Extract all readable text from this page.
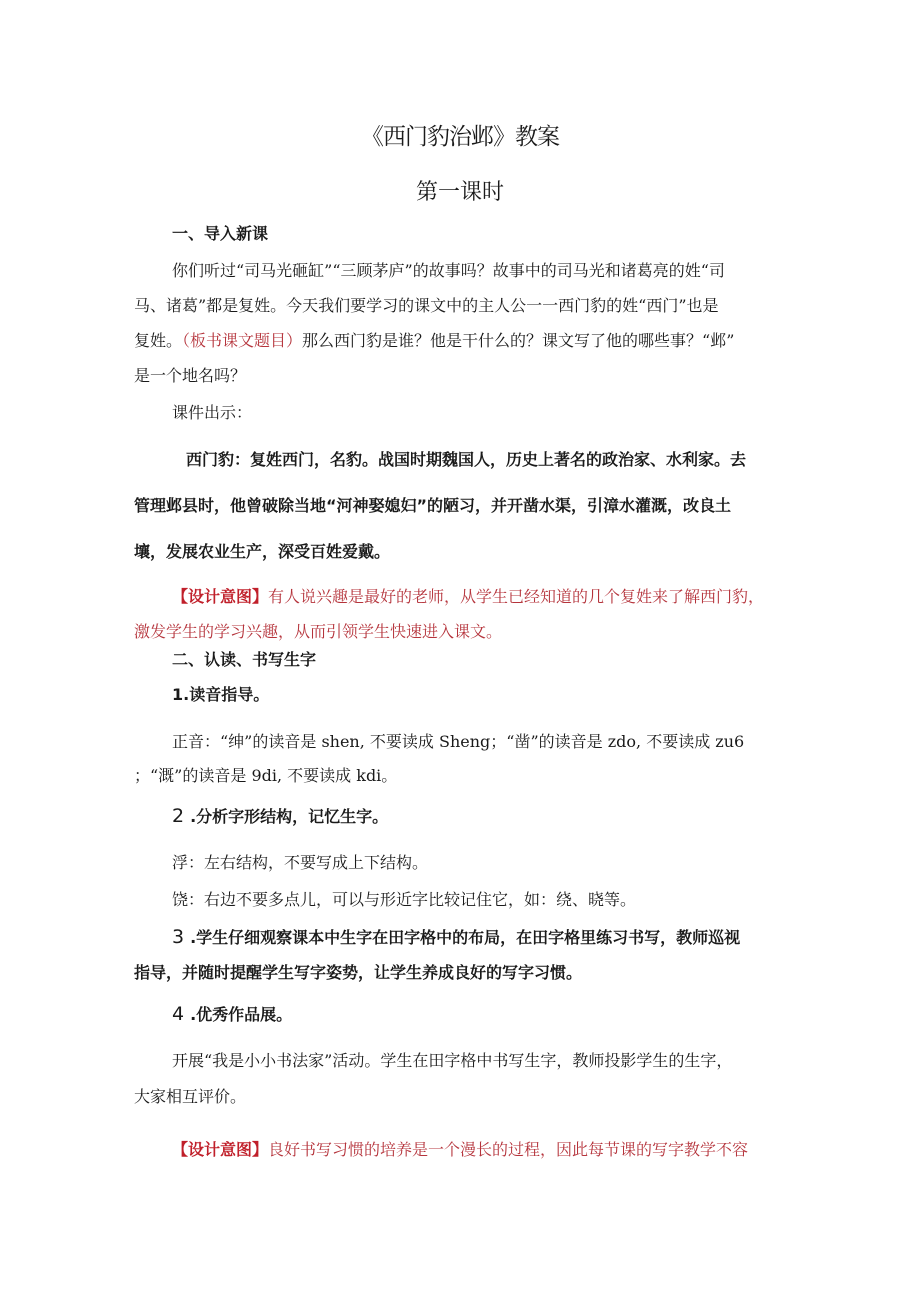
《西门豹治邺》教案
第一课时
一、导入新课
你们听过“司马光砸缸”“三顾茅庐”的故事吗？故事中的司马光和诸葛亮的姓“司
马、诸葛”都是复姓。今天我们要学习的课文中的主人公一一西门豹的姓“西门”也是
复姓。（板书课文题目）那么西门豹是谁？他是干什么的？课文写了他的哪些事？“邺”
是一个地名吗？
课件出示：
西门豹：复姓西门，名豹。战国时期魏国人，历史上著名的政治家、水利家。去
管理邺县时，他曾破除当地“河神娶媳妇”的陋习，并开凿水渠，引漳水灌溉，改良土
壤，发展农业生产，深受百姓爱戴。
【设计意图】有人说兴趣是最好的老师，从学生已经知道的几个复姓来了解西门豹，
激发学生的学习兴趣，从而引领学生快速进入课文。
二、认读、书写生字
1.读音指导。
正音：“绅”的读音是 shen, 不要读成 Sheng；“凿”的读音是 zdo, 不要读成 zu6
；“溉”的读音是 9di, 不要读成 kdi。
2 .分析字形结构，记忆生字。
浮：左右结构，不要写成上下结构。
饶：右边不要多点儿，可以与形近字比较记住它，如：绕、晓等。
3 .学生仔细观察课本中生字在田字格中的布局，在田字格里练习书写，教师巡视
指导，并随时提醒学生写字姿势，让学生养成良好的写字习惯。
4 .优秀作品展。
开展“我是小小书法家”活动。学生在田字格中书写生字，教师投影学生的生字，
大家相互评价。
【设计意图】良好书写习惯的培养是一个漫长的过程，因此每节课的写字教学不容
